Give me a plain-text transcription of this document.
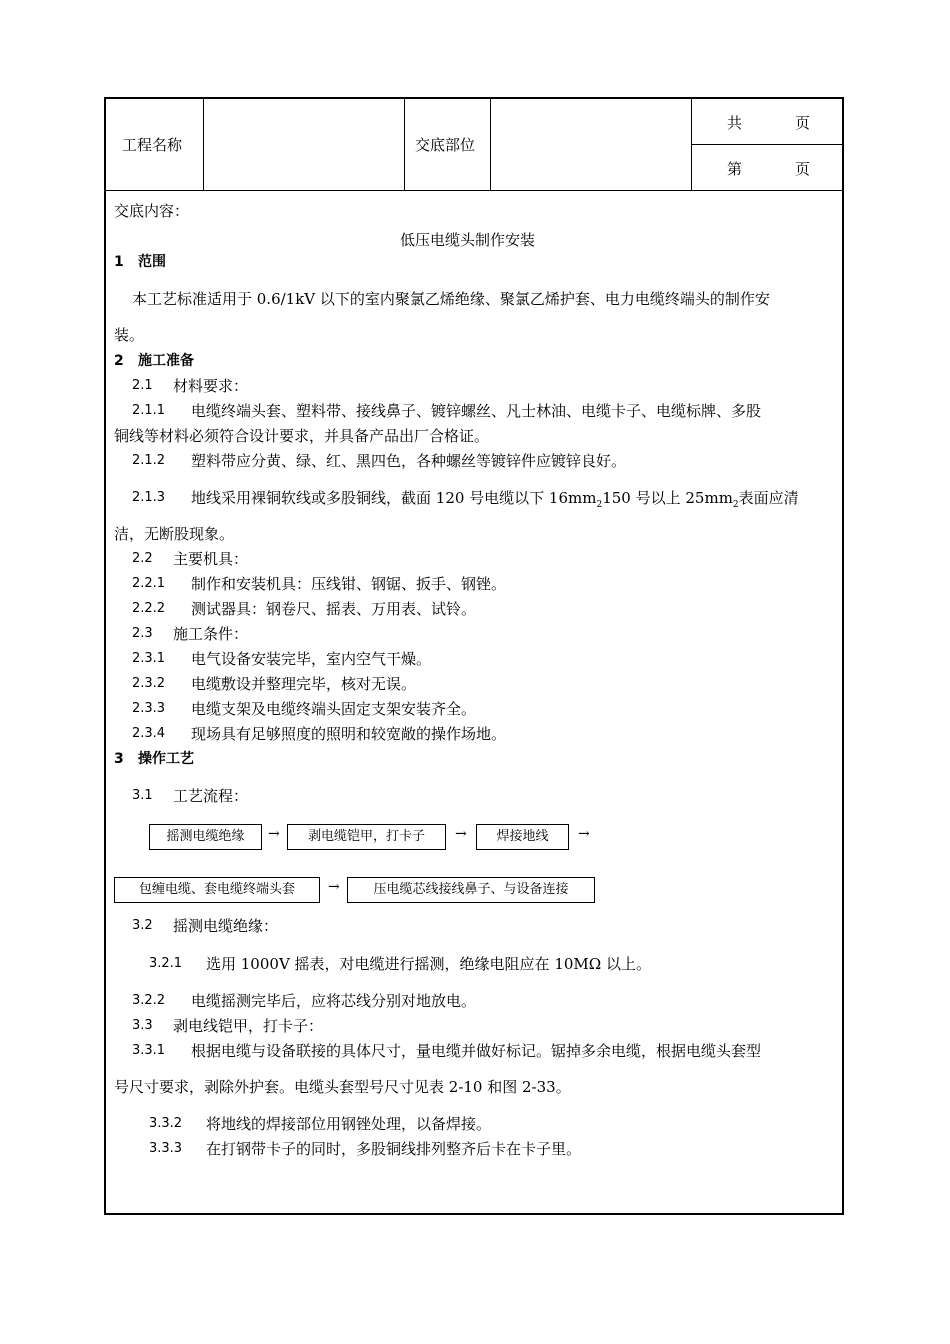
工程名称	交底部位
共	页
第	页
交底内容：
低压电缆头制作安装
1 范围
本工艺标准适用于 0.6/1kV 以下的室内聚氯乙烯绝缘、聚氯乙烯护套、电力电缆终端头的制作安
装。
2 施工准备
2.1 材料要求：
2.1.1 电缆终端头套、塑料带、接线鼻子、镀锌螺丝、凡士林油、电缆卡子、电缆标牌、多股
铜线等材料必须符合设计要求，并具备产品出厂合格证。
2.1.2 塑料带应分黄、绿、红、黑四色，各种螺丝等镀锌件应镀锌良好。
2.1.3 地线采用裸铜软线或多股铜线，截面 120 号电缆以下 $16mm_2150$ 号以上 $25mm_2$表面应清
洁，无断股现象。
2.2 主要机具：
2.2.1 制作和安装机具：压线钳、钢锯、扳手、钢锉。
2.2.2 测试器具：钢卷尺、摇表、万用表、试铃。
2.3 施工条件：
2.3.1 电气设备安装完毕，室内空气干燥。
2.3.2 电缆敷设并整理完毕，核对无误。
2.3.3 电缆支架及电缆终端头固定支架安装齐全。
2.3.4 现场具有足够照度的照明和较宽敞的操作场地。
3 操作工艺
3.1 工艺流程：
摇测电缆绝缘	→	剥电缆铠甲，打卡子	→	焊接地线	→
包缠电缆、套电缆终端头套	→	压电缆芯线接线鼻子、与设备连接
3.2 摇测电缆绝缘：
3.2.1 选用 1000V 摇表，对电缆进行摇测，绝缘电阻应在 10MΩ 以上。
3.2.2 电缆摇测完毕后，应将芯线分别对地放电。
3.3 剥电线铠甲，打卡子：
3.3.1 根据电缆与设备联接的具体尺寸，量电缆并做好标记。锯掉多余电缆，根据电缆头套型
号尺寸要求，剥除外护套。电缆头套型号尺寸见表 2-10 和图 2-33。
3.3.2 将地线的焊接部位用钢锉处理，以备焊接。
3.3.3 在打钢带卡子的同时，多股铜线排列整齐后卡在卡子里。
